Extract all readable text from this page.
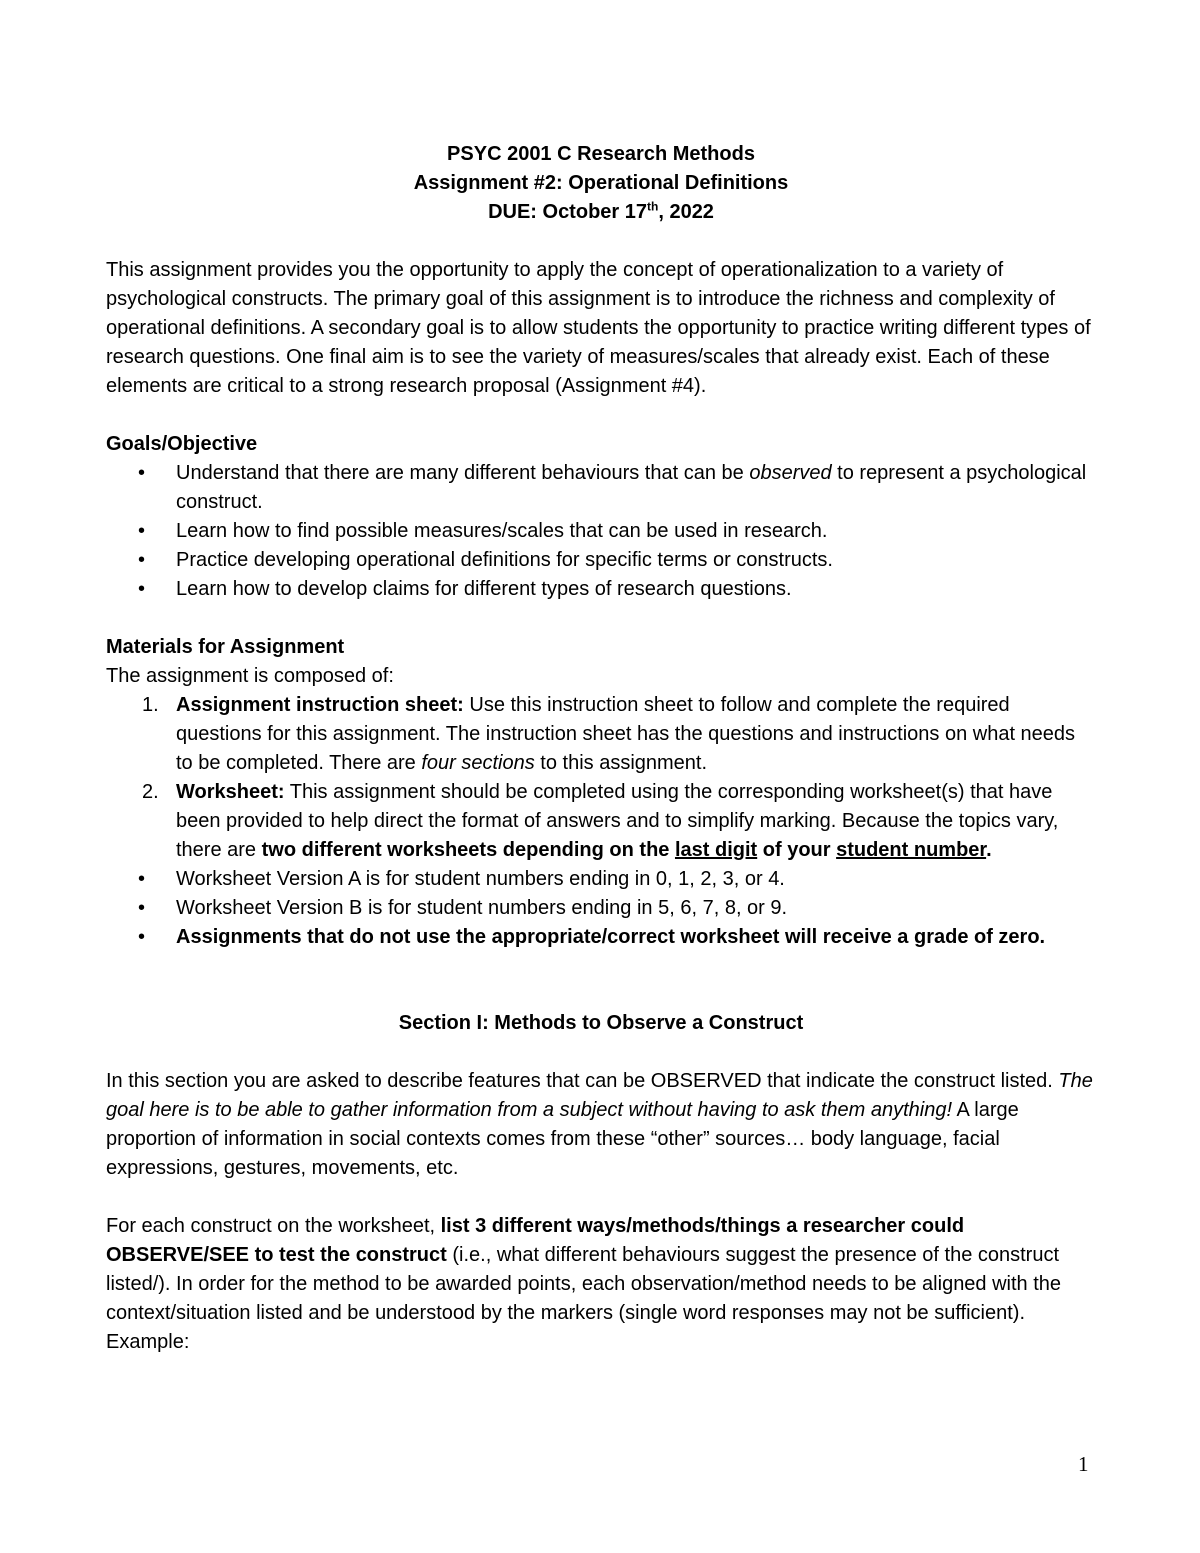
PSYC 2001 C Research Methods
Assignment #2: Operational Definitions
DUE: October 17th, 2022

This assignment provides you the opportunity to apply the concept of operationalization to a variety of psychological constructs. The primary goal of this assignment is to introduce the richness and complexity of operational definitions. A secondary goal is to allow students the opportunity to practice writing different types of research questions. One final aim is to see the variety of measures/scales that already exist. Each of these elements are critical to a strong research proposal (Assignment #4).

Goals/Objective
•	Understand that there are many different behaviours that can be observed to represent a psychological construct.
•	Learn how to find possible measures/scales that can be used in research.
•	Practice developing operational definitions for specific terms or constructs.
•	Learn how to develop claims for different types of research questions.
Materials for Assignment
The assignment is composed of:
1. Assignment instruction sheet: Use this instruction sheet to follow and complete the required questions for this assignment. The instruction sheet has the questions and instructions on what needs to be completed. There are four sections to this assignment.
2. Worksheet: This assignment should be completed using the corresponding worksheet(s) that have been provided to help direct the format of answers and to simplify marking. Because the topics vary, there are two different worksheets depending on the last digit of your student number.
•	Worksheet Version A is for student numbers ending in 0, 1, 2, 3, or 4.
•	Worksheet Version B is for student numbers ending in 5, 6, 7, 8, or 9.
•	Assignments that do not use the appropriate/correct worksheet will receive a grade of zero.
Section I: Methods to Observe a Construct

In this section you are asked to describe features that can be OBSERVED that indicate the construct listed. The goal here is to be able to gather information from a subject without having to ask them anything! A large proportion of information in social contexts comes from these “other” sources… body language, facial expressions, gestures, movements, etc.

For each construct on the worksheet, list 3 different ways/methods/things a researcher could OBSERVE/SEE to test the construct (i.e., what different behaviours suggest the presence of the construct listed/). In order for the method to be awarded points, each observation/method needs to be aligned with the context/situation listed and be understood by the markers (single word responses may not be sufficient).
Example:
1
